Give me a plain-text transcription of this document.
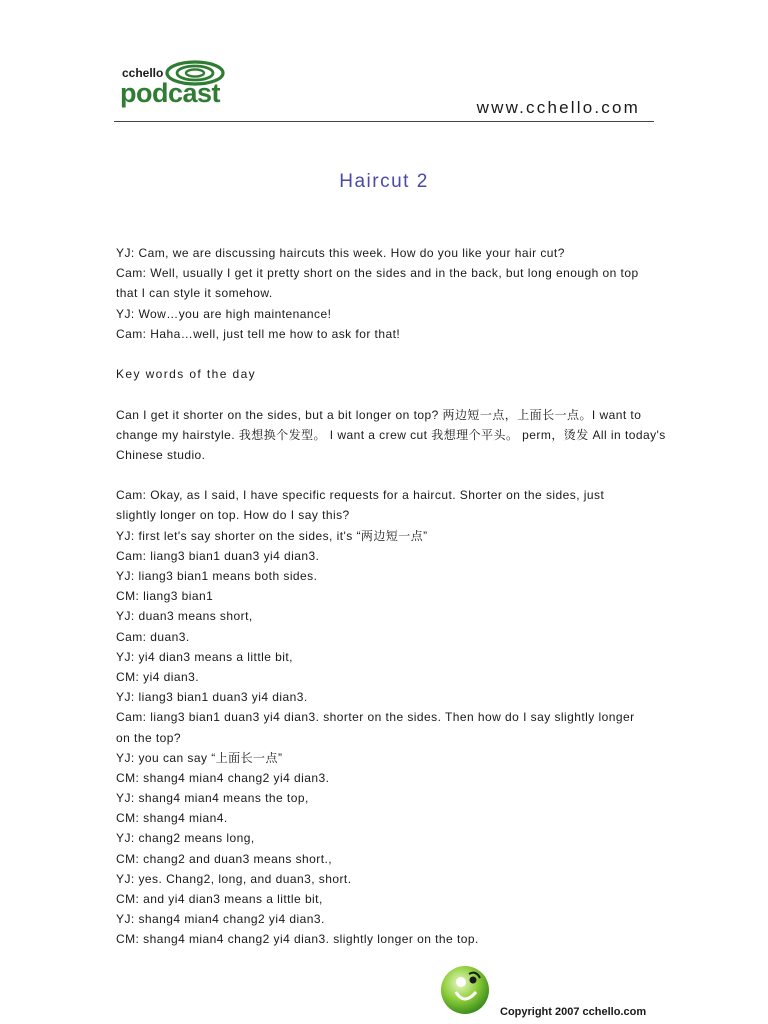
cchello
podcast	www.cchello.com
Haircut 2
YJ: Cam, we are discussing haircuts this week. How do you like your hair cut?
Cam: Well, usually I get it pretty short on the sides and in the back, but long enough on top
that I can style it somehow.
YJ: Wow…you are high maintenance!
Cam: Haha…well, just tell me how to ask for that!
Key words of the day
Can I get it shorter on the sides, but a bit longer on top? 两边短一点，上面长一点。I want to
change my hairstyle. 我想换个发型。 I want a crew cut 我想理个平头。 perm，烫发 All in today's
Chinese studio.
Cam: Okay, as I said, I have specific requests for a haircut. Shorter on the sides, just
slightly longer on top. How do I say this?
YJ: first let's say shorter on the sides, it's “两边短一点”
Cam: liang3 bian1 duan3 yi4 dian3.
YJ: liang3 bian1 means both sides.
CM: liang3 bian1
YJ: duan3 means short,
Cam: duan3.
YJ: yi4 dian3 means a little bit,
CM: yi4 dian3.
YJ: liang3 bian1 duan3 yi4 dian3.
Cam: liang3 bian1 duan3 yi4 dian3. shorter on the sides. Then how do I say slightly longer
on the top?
YJ: you can say “上面长一点”
CM: shang4 mian4 chang2 yi4 dian3.
YJ: shang4 mian4 means the top,
CM: shang4 mian4.
YJ: chang2 means long,
CM: chang2 and duan3 means short.,
YJ: yes. Chang2, long, and duan3, short.
CM: and yi4 dian3 means a little bit,
YJ: shang4 mian4 chang2 yi4 dian3.
CM: shang4 mian4 chang2 yi4 dian3. slightly longer on the top.
Copyright 2007 cchello.com
